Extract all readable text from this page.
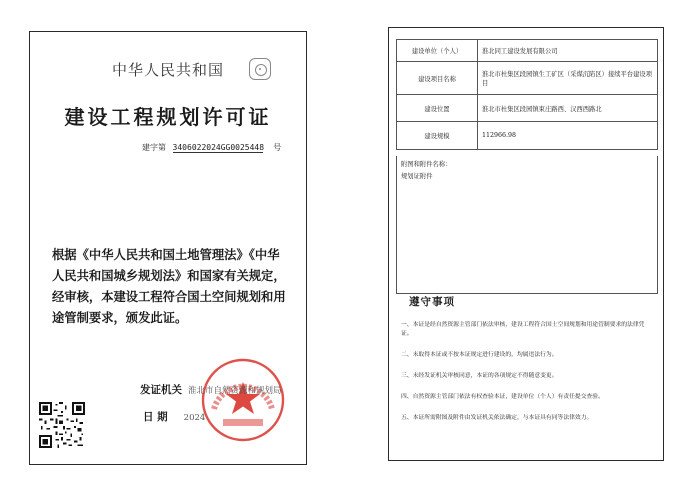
中华人民共和国
建设工程规划许可证
建字第 340602202​4GG0025448 号
根据《中华人民共和国土地管理法》《中华人民共和国城乡规划法》和国家有关规定，经审核，本建设工程符合国土空间规划和用途管制要求，颁发此证。
发证机关 淮北市自然资源和规划局
日 期 2024
建设单位（个人）	淮北同工建设发展有限公司
建设项目名称	淮北市杜集区段园镇生工矿区（采煤沉陷区）接续平台建设项目
建设位置	淮北市杜集区段园镇束庄路西、汉西西路北
建设规模	112966.98
附图和附件名称：
规划证附件
遵守事项
一、本证是经自然资源主管部门依法审核，建设工程符合国土空间规划和用途管制要求的法律凭证。
二、未取得本证或不按本证规定进行建设的，均属违法行为。
三、未经发证机关审核同意，本证的各项规定不得随意变更。
四、自然资源主管部门依法有权查验本证，建设单位（个人）有责任提交查验。
五、本证所需附图及附件由发证机关依法确定，与本证具有同等法律效力。
